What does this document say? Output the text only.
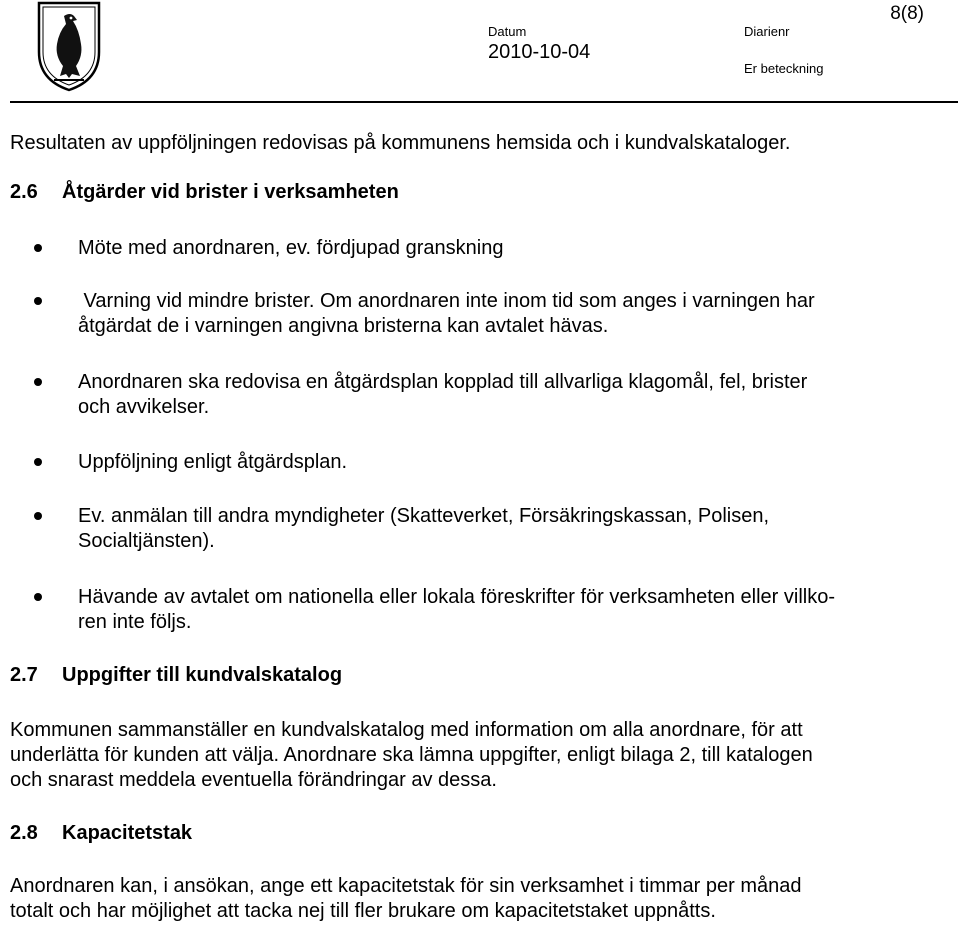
8(8)
Datum	Diarienr
2010-10-04
Er beteckning
Resultaten av uppföljningen redovisas på kommunens hemsida och i kundvalskataloger.
2.6 Åtgärder vid brister i verksamheten
Möte med anordnaren, ev. fördjupad granskning
Varning vid mindre brister. Om anordnaren inte inom tid som anges i varningen har
åtgärdat de i varningen angivna bristerna kan avtalet hävas.
Anordnaren ska redovisa en åtgärdsplan kopplad till allvarliga klagomål, fel, brister
och avvikelser.
Uppföljning enligt åtgärdsplan.
Ev. anmälan till andra myndigheter (Skatteverket, Försäkringskassan, Polisen,
Socialtjänsten).
Hävande av avtalet om nationella eller lokala föreskrifter för verksamheten eller villko-
ren inte följs.
2.7 Uppgifter till kundvalskatalog
Kommunen sammanställer en kundvalskatalog med information om alla anordnare, för att
underlätta för kunden att välja. Anordnare ska lämna uppgifter, enligt bilaga 2, till katalogen
och snarast meddela eventuella förändringar av dessa.
2.8 Kapacitetstak
Anordnaren kan, i ansökan, ange ett kapacitetstak för sin verksamhet i timmar per månad
totalt och har möjlighet att tacka nej till fler brukare om kapacitetstaket uppnåtts.
